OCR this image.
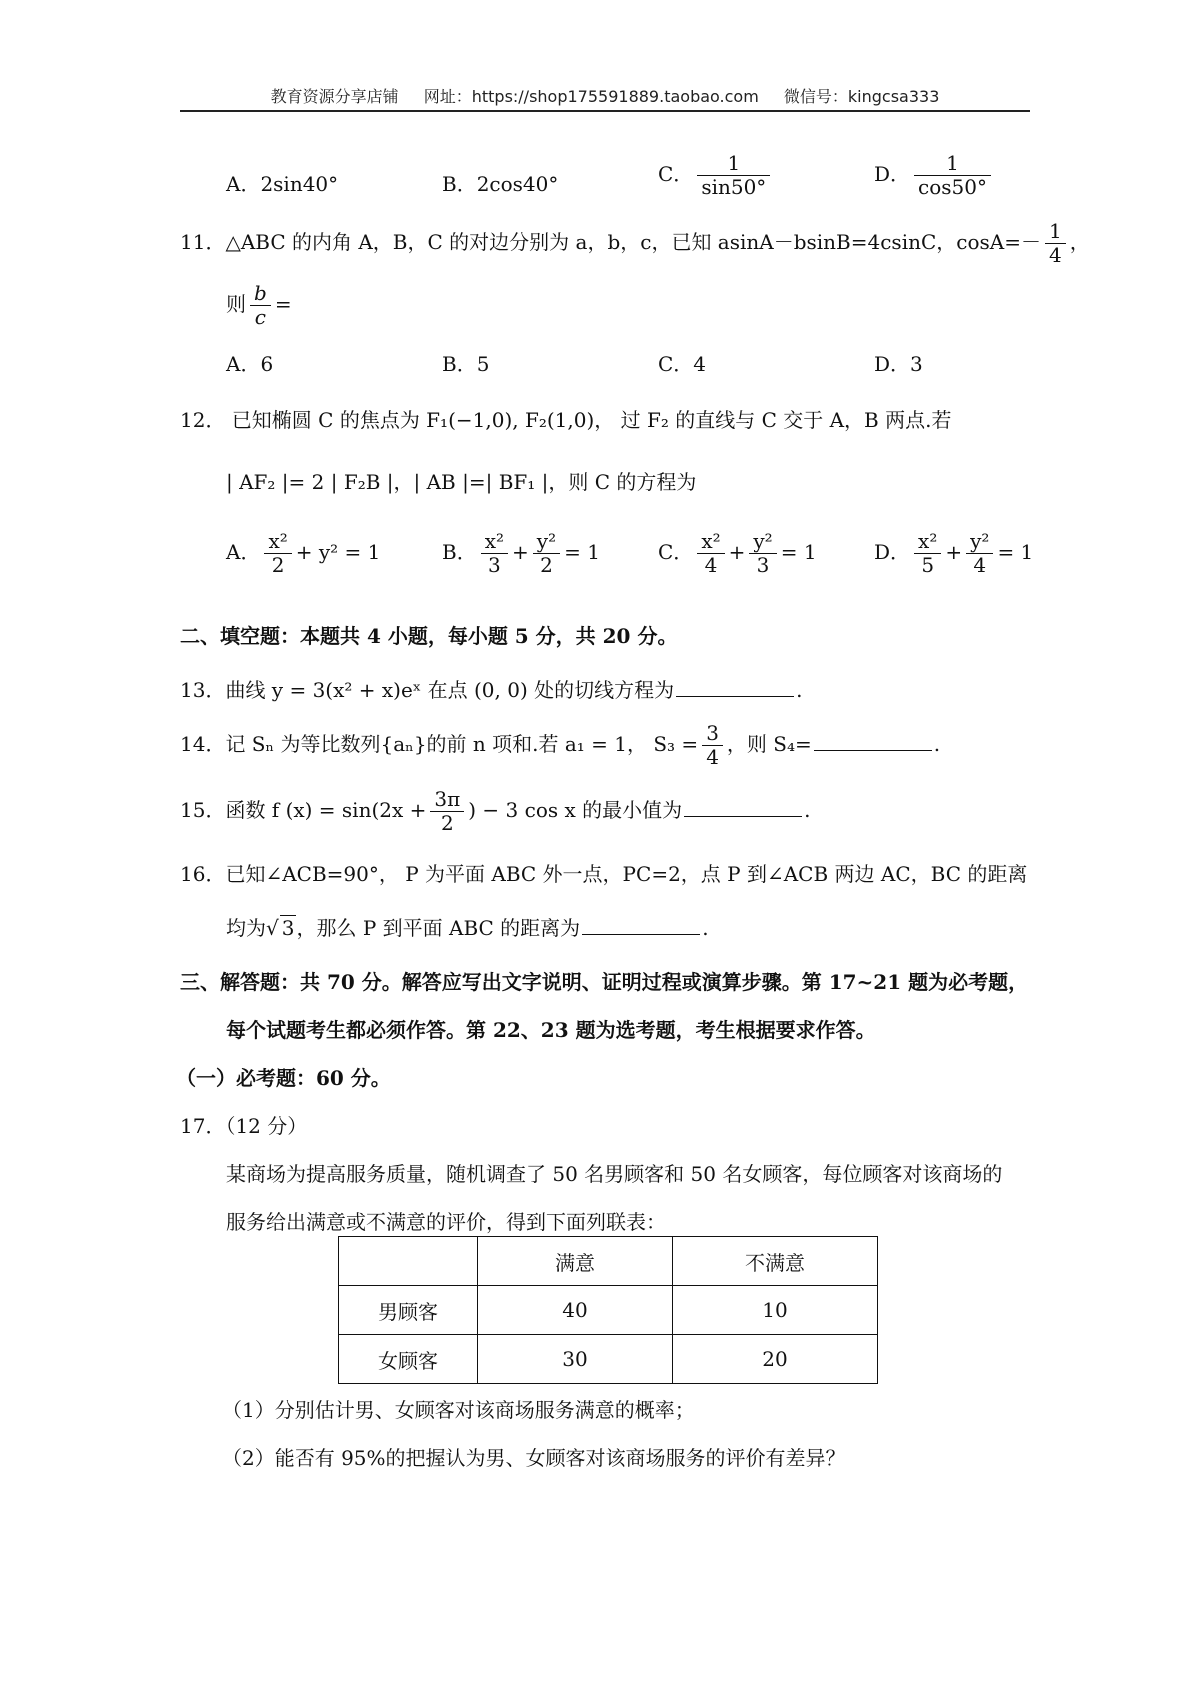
教育资源分享店铺 网址：https://shop175591889.taobao.com 微信号：kingcsa333
A．2sin40°	B．2cos40°	C． $\frac{1}{\sin 50^\circ}$	D． $\frac{1}{\cos 50^\circ}$
11．△ABC 的内角 A，B，C 的对边分别为 a，b，c，已知 asinA－bsinB=4csinC，$\cos A=- \frac{1}{4}$ ，
则 $\frac{b}{c}$ =
A．6	B．5	C．4	D．3
12． 已知椭圆 C 的焦点为 F₁(−1,0), F₂(1,0)， 过 F₂ 的直线与 C 交于 A，B 两点.若
| AF₂ |= 2 | F₂B |，| AB |=| BF₁ |，则 C 的方程为
A． $\frac{\text{x²}}{2} + y^2 = 1$	B． $\frac{\text{x²}}{3} + \frac{\text{y²}}{2} = 1$	C． $\frac{\text{x²}}{4} + \frac{\text{y²}}{3} = 1$	D． $\frac{\text{x²}}{5} + \frac{\text{y²}}{4} = 1$
二、填空题：本题共 4 小题，每小题 5 分，共 20 分。
13．曲线 y = 3(x² + x)eˣ 在点 (0, 0) 处的切线方程为	.
14．记 Sₙ 为等比数列{aₙ}的前 n 项和.若 a₁ = 1， $S_3 = \frac{3}{4}$ ，则 S₄=	.
15．函数 f $(x) = \sin(2x + \frac{3\pi}{2}$ ) − 3 cos x 的最小值为	.
16．已知∠ACB=90°， P 为平面 ABC 外一点，PC=2，点 P 到∠ACB 两边 AC，BC 的距离
均为√ 3 ，那么 P 到平面 ABC 的距离为	.
三、解答题：共 70 分。解答应写出文字说明、证明过程或演算步骤。第 17~21 题为必考题，
每个试题考生都必须作答。第 22、23 题为选考题，考生根据要求作答。
（一）必考题：60 分。
17．（12 分）
某商场为提高服务质量，随机调查了 50 名男顾客和 50 名女顾客，每位顾客对该商场的
服务给出满意或不满意的评价，得到下面列联表：
	满意	不满意
男顾客	40	10
女顾客	30	20
（1）分别估计男、女顾客对该商场服务满意的概率；
（2）能否有 95%的把握认为男、女顾客对该商场服务的评价有差异？
